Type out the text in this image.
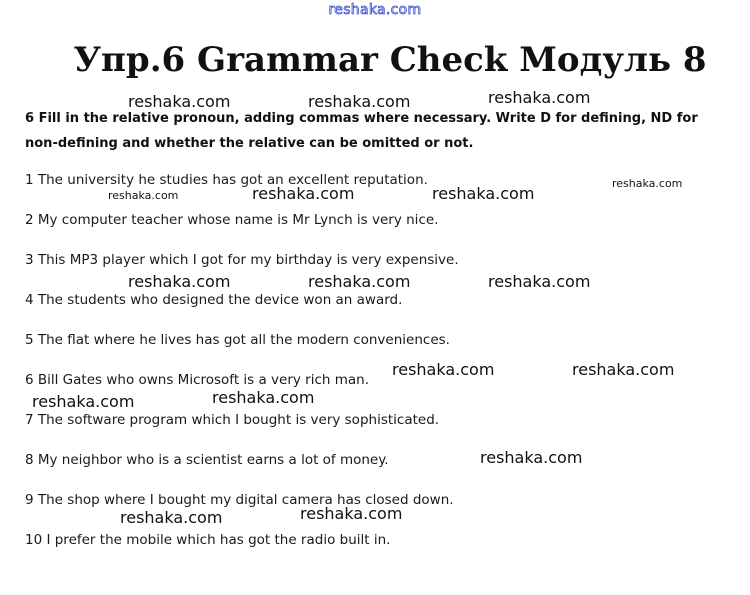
reshaka.com
Упр.6 Grammar Check Модуль 8
6 Fill in the relative pronoun, adding commas where necessary. Write D for defining, ND for non-defining and whether the relative can be omitted or not.
1 The university he studies has got an excellent reputation.
2 My computer teacher whose name is Mr Lynch is very nice.
3 This MP3 player which I got for my birthday is very expensive.
4 The students who designed the device won an award.
5 The flat where he lives has got all the modern conveniences.
6 Bill Gates who owns Microsoft is a very rich man.
7 The software program which I bought is very sophisticated.
8 My neighbor who is a scientist earns a lot of money.
9 The shop where I bought my digital camera has closed down.
10 I prefer the mobile which has got the radio built in.
reshaka.com	reshaka.com	reshaka.com
reshaka.com	reshaka.com	reshaka.com
reshaka.com
reshaka.com	reshaka.com	reshaka.com
reshaka.com	reshaka.com
reshaka.com	reshaka.com
reshaka.com
reshaka.com	reshaka.com
